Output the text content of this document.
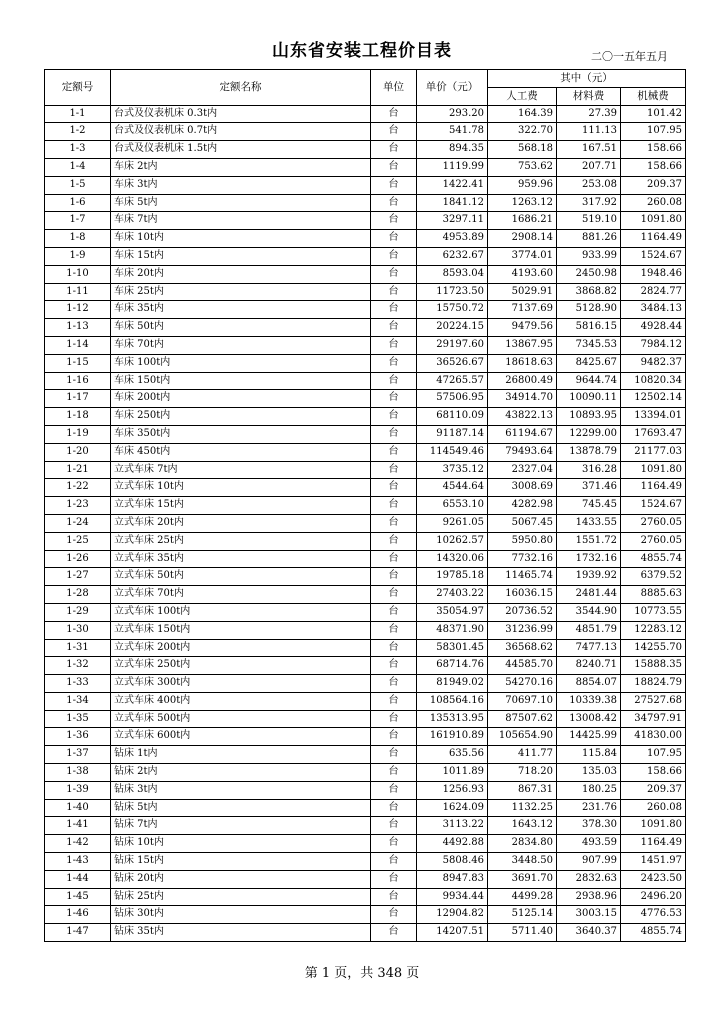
山东省安装工程价目表	二〇一五年五月
定额号	定额名称	单位	单价（元）	其中（元）		
				人工费	材料费	机械费
1-1	台式及仪表机床 0.3t内	台	293.20	164.39	27.39	101.42
1-2	台式及仪表机床 0.7t内	台	541.78	322.70	111.13	107.95
1-3	台式及仪表机床 1.5t内	台	894.35	568.18	167.51	158.66
1-4	车床 2t内	台	1119.99	753.62	207.71	158.66
1-5	车床 3t内	台	1422.41	959.96	253.08	209.37
1-6	车床 5t内	台	1841.12	1263.12	317.92	260.08
1-7	车床 7t内	台	3297.11	1686.21	519.10	1091.80
1-8	车床 10t内	台	4953.89	2908.14	881.26	1164.49
1-9	车床 15t内	台	6232.67	3774.01	933.99	1524.67
1-10	车床 20t内	台	8593.04	4193.60	2450.98	1948.46
1-11	车床 25t内	台	11723.50	5029.91	3868.82	2824.77
1-12	车床 35t内	台	15750.72	7137.69	5128.90	3484.13
1-13	车床 50t内	台	20224.15	9479.56	5816.15	4928.44
1-14	车床 70t内	台	29197.60	13867.95	7345.53	7984.12
1-15	车床 100t内	台	36526.67	18618.63	8425.67	9482.37
1-16	车床 150t内	台	47265.57	26800.49	9644.74	10820.34
1-17	车床 200t内	台	57506.95	34914.70	10090.11	12502.14
1-18	车床 250t内	台	68110.09	43822.13	10893.95	13394.01
1-19	车床 350t内	台	91187.14	61194.67	12299.00	17693.47
1-20	车床 450t内	台	114549.46	79493.64	13878.79	21177.03
1-21	立式车床 7t内	台	3735.12	2327.04	316.28	1091.80
1-22	立式车床 10t内	台	4544.64	3008.69	371.46	1164.49
1-23	立式车床 15t内	台	6553.10	4282.98	745.45	1524.67
1-24	立式车床 20t内	台	9261.05	5067.45	1433.55	2760.05
1-25	立式车床 25t内	台	10262.57	5950.80	1551.72	2760.05
1-26	立式车床 35t内	台	14320.06	7732.16	1732.16	4855.74
1-27	立式车床 50t内	台	19785.18	11465.74	1939.92	6379.52
1-28	立式车床 70t内	台	27403.22	16036.15	2481.44	8885.63
1-29	立式车床 100t内	台	35054.97	20736.52	3544.90	10773.55
1-30	立式车床 150t内	台	48371.90	31236.99	4851.79	12283.12
1-31	立式车床 200t内	台	58301.45	36568.62	7477.13	14255.70
1-32	立式车床 250t内	台	68714.76	44585.70	8240.71	15888.35
1-33	立式车床 300t内	台	81949.02	54270.16	8854.07	18824.79
1-34	立式车床 400t内	台	108564.16	70697.10	10339.38	27527.68
1-35	立式车床 500t内	台	135313.95	87507.62	13008.42	34797.91
1-36	立式车床 600t内	台	161910.89	105654.90	14425.99	41830.00
1-37	钻床 1t内	台	635.56	411.77	115.84	107.95
1-38	钻床 2t内	台	1011.89	718.20	135.03	158.66
1-39	钻床 3t内	台	1256.93	867.31	180.25	209.37
1-40	钻床 5t内	台	1624.09	1132.25	231.76	260.08
1-41	钻床 7t内	台	3113.22	1643.12	378.30	1091.80
1-42	钻床 10t内	台	4492.88	2834.80	493.59	1164.49
1-43	钻床 15t内	台	5808.46	3448.50	907.99	1451.97
1-44	钻床 20t内	台	8947.83	3691.70	2832.63	2423.50
1-45	钻床 25t内	台	9934.44	4499.28	2938.96	2496.20
1-46	钻床 30t内	台	12904.82	5125.14	3003.15	4776.53
1-47	钻床 35t内	台	14207.51	5711.40	3640.37	4855.74
第 1 页，共 348 页
